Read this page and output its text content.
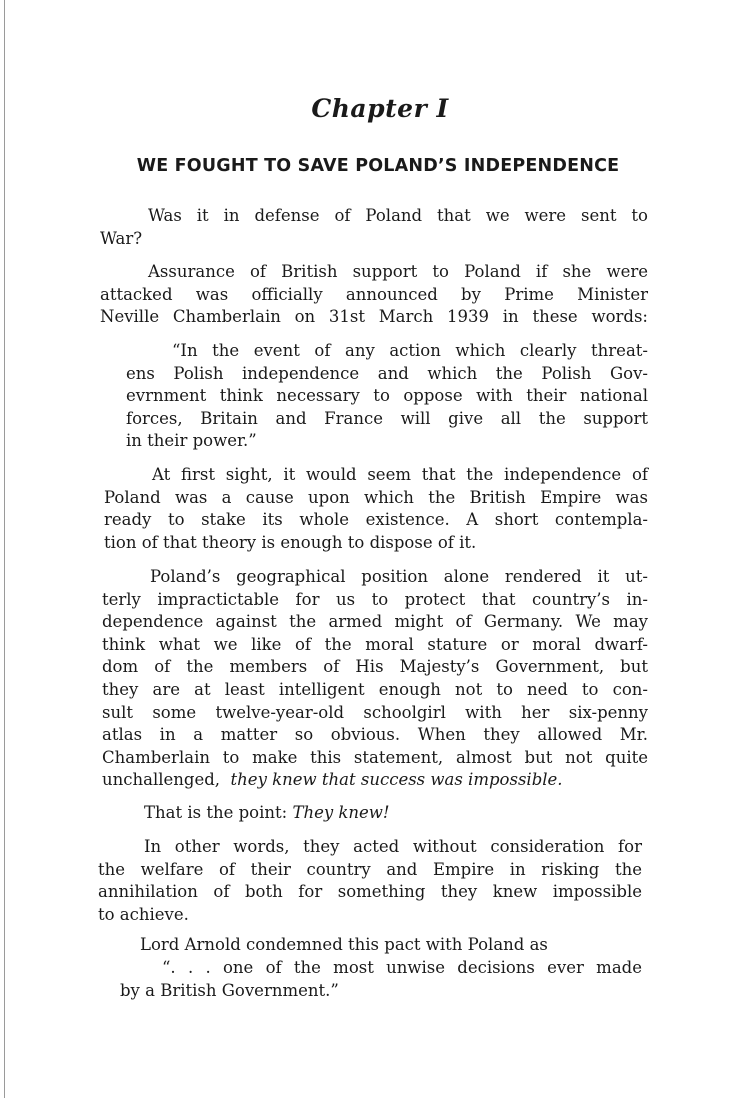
Chapter I
WE FOUGHT TO SAVE POLAND’S INDEPENDENCE
Was it in defense of Poland that we were sent to
War?
Assurance of British support to Poland if she were
attacked was officially announced by Prime Minister
Neville Chamberlain on 31st March 1939 in these words:
“In the event of any action which clearly threat-
ens Polish independence and which the Polish Gov-
evrnment think necessary to oppose with their national
forces, Britain and France will give all the support
in their power.”
At first sight, it would seem that the independence of
Poland was a cause upon which the British Empire was
ready to stake its whole existence. A short contempla-
tion of that theory is enough to dispose of it.
Poland’s geographical position alone rendered it ut-
terly impractictable for us to protect that country’s in-
dependence against the armed might of Germany. We may
think what we like of the moral stature or moral dwarf-
dom of the members of His Majesty’s Government, but
they are at least intelligent enough not to need to con-
sult some twelve-year-old schoolgirl with her six-penny
atlas in a matter so obvious. When they allowed Mr.
Chamberlain to make this statement, almost but not quite
unchallenged, they knew that success was impossible.
That is the point: They knew!
In other words, they acted without consideration for
the welfare of their country and Empire in risking the
annihilation of both for something they knew impossible
to achieve.
Lord Arnold condemned this pact with Poland as
“. . . one of the most unwise decisions ever made
by a British Government.”
